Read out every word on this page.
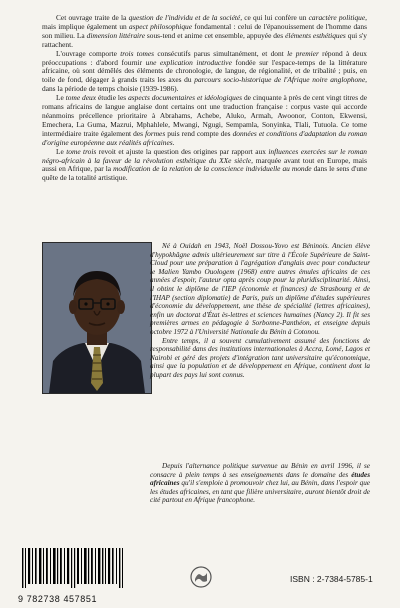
Cet ouvrage traite de la question de l'individu et de la société, ce qui lui confère un caractère politique, mais implique également un aspect philosophique fondamental : celui de l'épanouissement de l'homme dans son milieu. La dimension littéraire sous-tend et anime cet ensemble, appuyée des éléments esthétiques qui s'y rattachent.

L'ouvrage comporte trois tomes consécutifs parus simultanément, et dont le premier répond à deux préoccupations : d'abord fournir une explication introductive fondée sur l'espace-temps de la littérature africaine, où sont démêlés des éléments de chronologie, de langue, de régionalité, et de tribalité ; puis, en toile de fond, dégager à grands traits les axes du parcours socio-historique de l'Afrique noire anglophone, dans la période de temps choisie (1939-1986).

Le tome deux étudie les aspects documentaires et idéologiques de cinquante à près de cent vingt titres de romans africains de langue anglaise dont certains ont une traduction française : corpus vaste qui accorde néanmoins précellence prioritaire à Abrahams, Achebe, Aluko, Armah, Awoonor, Conton, Ekwensi, Emechera, La Guma, Mazrui, Mphahlele, Mwangi, Ngugi, Sempamla, Sonyinka, Tlali, Tutuola. Ce tome intermédiaire traite également des formes puis rend compte des données et conditions d'adaptation du roman d'origine européenne aux réalités africaines.

Le tome trois revoit et ajuste la question des origines par rapport aux influences exercées sur le roman négro-africain à la faveur de la révolution esthétique du XXe siècle, marquée avant tout en Europe, mais aussi en Afrique, par la modification de la relation de la conscience individuelle au monde dans le sens d'une quête de la totalité artistique.

Né à Ouidah en 1943, Noël Dossou-Yovo est Béninois. Ancien élève d'hypokhâgne admis ultérieurement sur titre à l'École Supérieure de Saint-Cloud pour une préparation à l'agrégation d'anglais avec pour conducteur le Malien Yambo Ouologem (1968) entre autres émules africains de ces années d'espoir, l'auteur opta après coup pour la pluridisciplinarité. Ainsi, il obtint le diplôme de l'IEP (économie et finances) de Strasbourg et de l'IHAP (section diplomatie) de Paris, puis un diplôme d'études supérieures d'économie du développement, une thèse de spécialité (lettres africaines), enfin un doctorat d'État ès-lettres et sciences humaines (Nancy 2). Il fit ses premières armes en pédagogie à Sorbonne-Panthéon, et enseigne depuis octobre 1972 à l'Université Nationale du Bénin à Cotonou.

Entre temps, il a souvent cumulativement assumé des fonctions de responsabilité dans des institutions internationales à Accra, Lomé, Lagos et Nairobi et géré des projets d'intégration tant universitaire qu'économique, ainsi que la population et de développement en Afrique, continent dont la plupart des pays lui sont connus.

Depuis l'alternance politique survenue au Bénin en avril 1996, il se consacre à plein temps à ses enseignements dans le domaine des études africaines qu'il s'emploie à promouvoir chez lui, au Bénin, dans l'espoir que les études africaines, en tant que filière universitaire, auront bientôt droit de cité partout en Afrique francophone.

9 782738 457851
ISBN : 2-7384-5785-1
